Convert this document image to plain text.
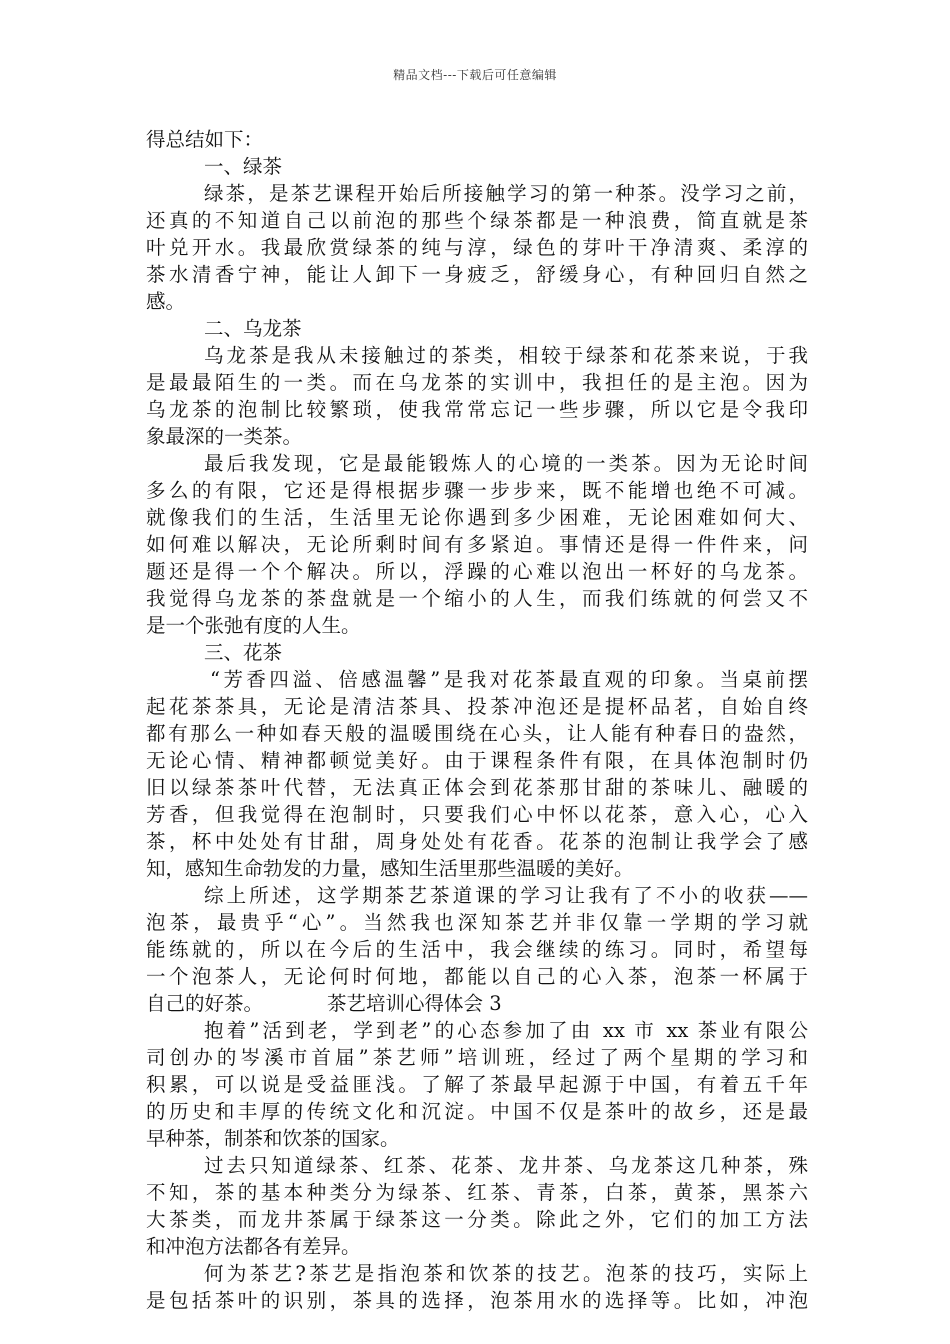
精品文档---下载后可任意编辑
得总结如下：
一、绿茶
绿茶，是茶艺课程开始后所接触学习的第一种茶。没学习之前，
还真的不知道自己以前泡的那些个绿茶都是一种浪费，简直就是茶
叶兑开水。我最欣赏绿茶的纯与淳，绿色的芽叶干净清爽、柔淳的
茶水清香宁神，能让人卸下一身疲乏，舒缓身心，有种回归自然之
感。
二、乌龙茶
乌龙茶是我从未接触过的茶类，相较于绿茶和花茶来说，于我
是最最陌生的一类。而在乌龙茶的实训中，我担任的是主泡。因为
乌龙茶的泡制比较繁琐，使我常常忘记一些步骤，所以它是令我印
象最深的一类茶。
最后我发现，它是最能锻炼人的心境的一类茶。因为无论时间
多么的有限，它还是得根据步骤一步步来，既不能增也绝不可减。
就像我们的生活，生活里无论你遇到多少困难，无论困难如何大、
如何难以解决，无论所剩时间有多紧迫。事情还是得一件件来，问
题还是得一个个解决。所以，浮躁的心难以泡出一杯好的乌龙茶。
我觉得乌龙茶的茶盘就是一个缩小的人生，而我们练就的何尝又不
是一个张弛有度的人生。
三、花茶
“芳香四溢、倍感温馨”是我对花茶最直观的印象。当桌前摆
起花茶茶具，无论是清洁茶具、投茶冲泡还是提杯品茗，自始自终
都有那么一种如春天般的温暖围绕在心头，让人能有种春日的盎然，
无论心情、精神都顿觉美好。由于课程条件有限，在具体泡制时仍
旧以绿茶茶叶代替，无法真正体会到花茶那甘甜的茶味儿、融暖的
芳香，但我觉得在泡制时，只要我们心中怀以花茶，意入心，心入
茶，杯中处处有甘甜，周身处处有花香。花茶的泡制让我学会了感
知，感知生命勃发的力量，感知生活里那些温暖的美好。
综上所述，这学期茶艺茶道课的学习让我有了不小的收获——
泡茶，最贵乎“心”。当然我也深知茶艺并非仅靠一学期的学习就
能练就的，所以在今后的生活中，我会继续的练习。同时，希望每
一个泡茶人，无论何时何地，都能以自己的心入茶，泡茶一杯属于
自己的好茶。	茶艺培训心得体会 3
抱着”活到老，学到老”的心态参加了由 xx 市 xx 茶业有限公
司创办的岑溪市首届”茶艺师”培训班，经过了两个星期的学习和
积累，可以说是受益匪浅。了解了茶最早起源于中国，有着五千年
的历史和丰厚的传统文化和沉淀。中国不仅是茶叶的故乡，还是最
早种茶，制茶和饮茶的国家。
过去只知道绿茶、红茶、花茶、龙井茶、乌龙茶这几种茶，殊
不知，茶的基本种类分为绿茶、红茶、青茶，白茶，黄茶，黑茶六
大茶类，而龙井茶属于绿茶这一分类。除此之外，它们的加工方法
和冲泡方法都各有差异。
何为茶艺?茶艺是指泡茶和饮茶的技艺。泡茶的技巧，实际上
是包括茶叶的识别，茶具的选择，泡茶用水的选择等。比如，冲泡
